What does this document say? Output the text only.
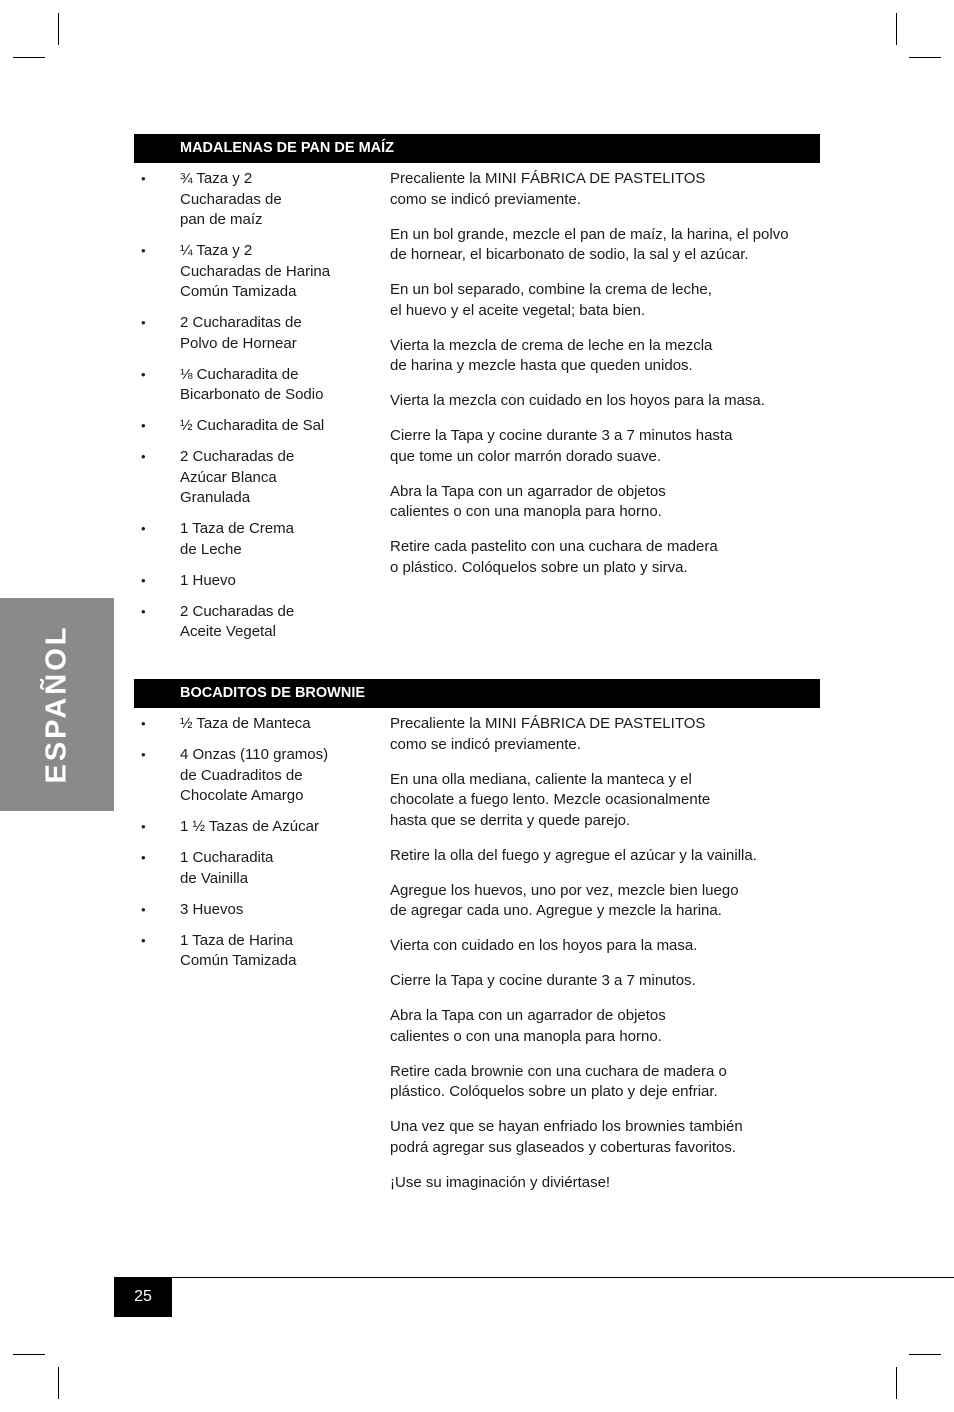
MADALENAS DE PAN DE MAÍZ
• ¾ Taza y 2
Cucharadas de
pan de maíz
• ¼ Taza y 2
Cucharadas de Harina
Común Tamizada
• 2 Cucharaditas de
Polvo de Hornear
• ⅛ Cucharadita de
Bicarbonato de Sodio
• ½ Cucharadita de Sal
• 2 Cucharadas de
Azúcar Blanca
Granulada
• 1 Taza de Crema
de Leche
• 1 Huevo
• 2 Cucharadas de
Aceite Vegetal

Precaliente la MINI FÁBRICA DE PASTELITOS
como se indicó previamente.

En un bol grande, mezcle el pan de maíz, la harina, el polvo
de hornear, el bicarbonato de sodio, la sal y el azúcar.

En un bol separado, combine la crema de leche,
el huevo y el aceite vegetal; bata bien.

Vierta la mezcla de crema de leche en la mezcla
de harina y mezcle hasta que queden unidos.

Vierta la mezcla con cuidado en los hoyos para la masa.

Cierre la Tapa y cocine durante 3 a 7 minutos hasta
que tome un color marrón dorado suave.

Abra la Tapa con un agarrador de objetos
calientes o con una manopla para horno.

Retire cada pastelito con una cuchara de madera
o plástico. Colóquelos sobre un plato y sirva.

BOCADITOS DE BROWNIE
• ½ Taza de Manteca
• 4 Onzas (110 gramos)
de Cuadraditos de
Chocolate Amargo
• 1 ½ Tazas de Azúcar
• 1 Cucharadita
de Vainilla
• 3 Huevos
• 1 Taza de Harina
Común Tamizada

Precaliente la MINI FÁBRICA DE PASTELITOS
como se indicó previamente.

En una olla mediana, caliente la manteca y el
chocolate a fuego lento. Mezcle ocasionalmente
hasta que se derrita y quede parejo.

Retire la olla del fuego y agregue el azúcar y la vainilla.

Agregue los huevos, uno por vez, mezcle bien luego
de agregar cada uno. Agregue y mezcle la harina.

Vierta con cuidado en los hoyos para la masa.

Cierre la Tapa y cocine durante 3 a 7 minutos.

Abra la Tapa con un agarrador de objetos
calientes o con una manopla para horno.

Retire cada brownie con una cuchara de madera o
plástico. Colóquelos sobre un plato y deje enfriar.

Una vez que se hayan enfriado los brownies también
podrá agregar sus glaseados y coberturas favoritos.

¡Use su imaginación y diviértase!

ESPAÑOL
25
